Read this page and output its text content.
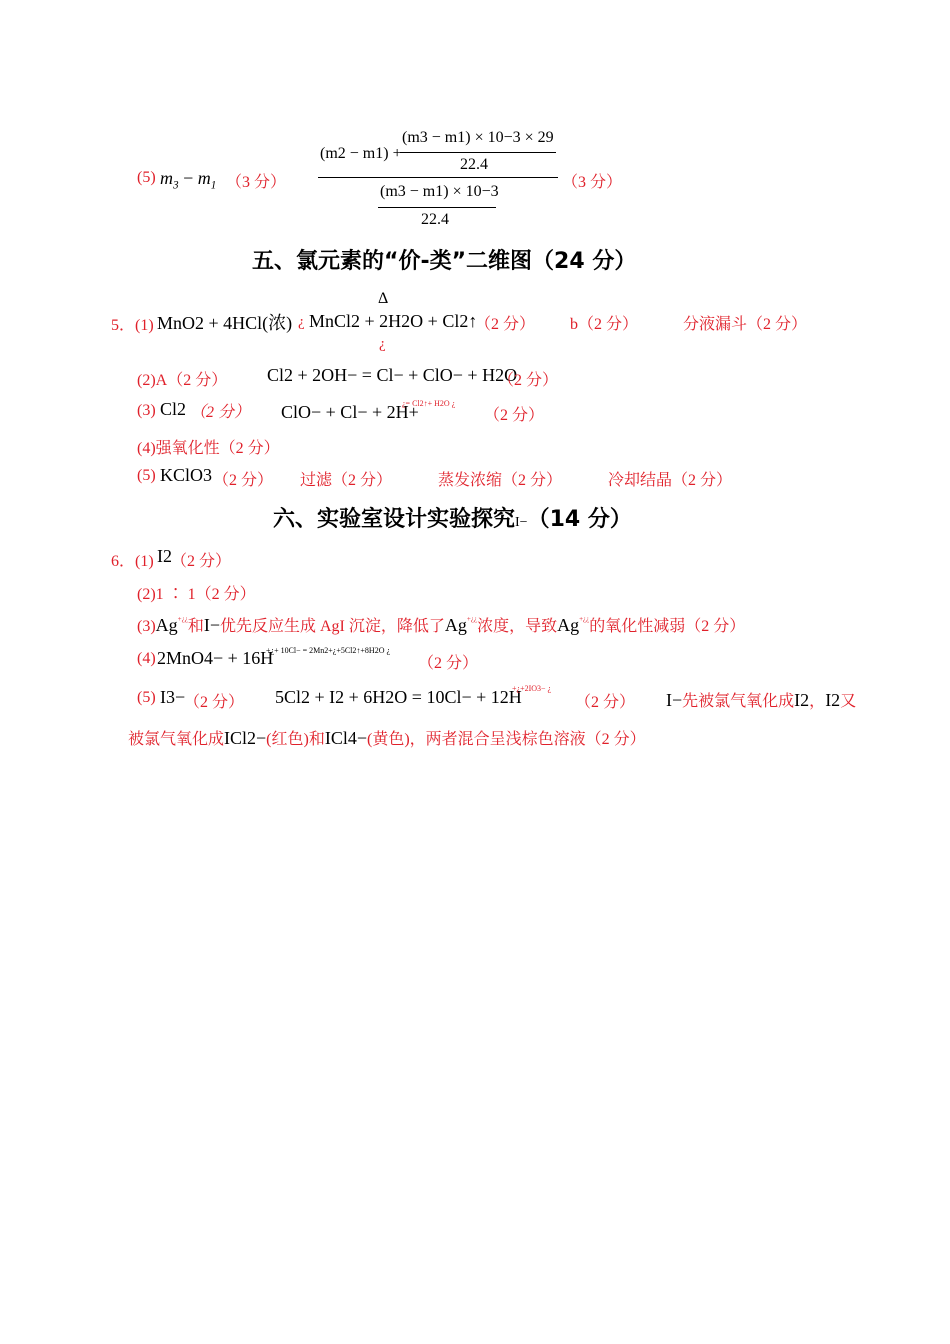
(5) $m_3 - m_1$ （3 分）
(m3 − m1) × 10−3 × 29
22.4
(m2 − m1) +
(m3 − m1) × 10−3
22.4
（3 分）
五、氯元素的“价-类”二维图（24 分）
5．(1) MnO2 + 4HCl(浓)
Δ
¿
¿
MnCl2 + 2H2O + Cl2↑
（2 分） b（2 分）	分液漏斗（2 分）
(2)A（2 分） Cl2 + 2OH− = Cl− + ClO− + H2O
（2 分）
(3) Cl2 （2 分） ClO− + Cl− + 2H+
¿= Cl2↑+ H2O ¿
（2 分）
(4)强氧化性（2 分）
(5) KClO3 （2 分） 过滤（2 分）	蒸发浓缩（2 分）	冷却结晶（2 分）
六、实验室设计实验探究I−（14 分）
6．(1) I2 （2 分）
(2)1 ∶ 1（2 分）
(3)Ag+¿¿和I−优先反应生成 AgI 沉淀，降低了Ag+¿¿浓度，导致Ag+¿¿的氧化性减弱（2 分）
(4) 2MnO4− + 16H
+¿+ 10Cl− = 2Mn2+¿+5Cl2↑+8H2O ¿
（2 分）
(5) I3−
（2 分） 5Cl2 + I2 + 6H2O = 10Cl− + 12H
+¿+2IO3− ¿
（2 分） I−先被氯气氧化成I2，I2又
被氯气氧化成ICl2−(红色)和ICl4−(黄色)，两者混合呈浅棕色溶液（2 分）
